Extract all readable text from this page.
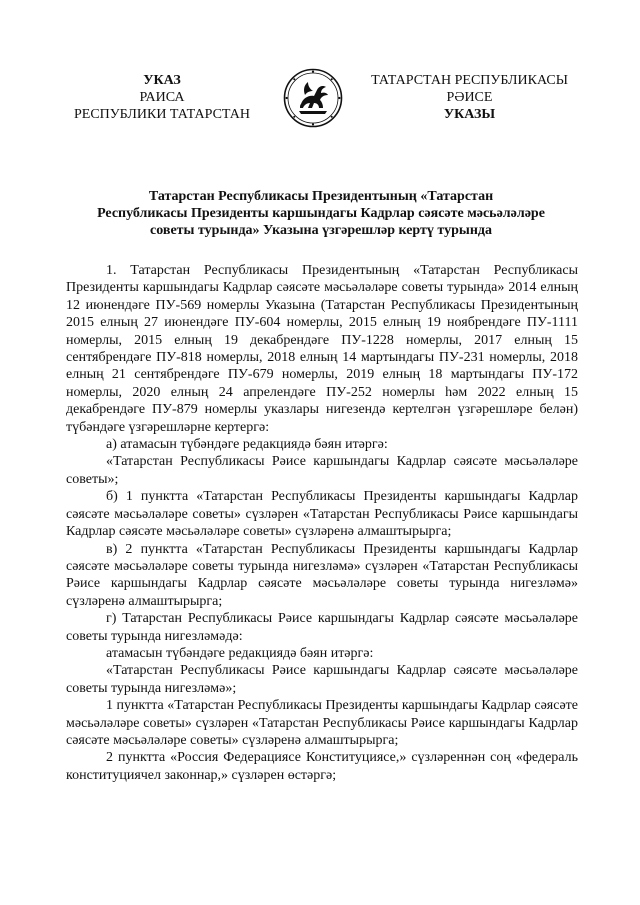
УКАЗ
РАИСА
РЕСПУБЛИКИ ТАТАРСТАН
ТАТАРСТАН РЕСПУБЛИКАСЫ
РӘИСЕ
УКАЗЫ
Татарстан Республикасы Президентының «Татарстан
Республикасы Президенты каршындагы Кадрлар сәясәте мәсьәләләре
советы турында» Указына үзгәрешләр кертү турында

1. Татарстан Республикасы Президентының «Татарстан Республикасы Президенты каршындагы Кадрлар сәясәте мәсьәләләре советы турында» 2014 елның 12 июнендәге ПУ-569 номерлы Указына (Татарстан Республикасы Президентының 2015 елның 27 июнендәге ПУ-604 номерлы, 2015 елның 19 ноябрендәге ПУ-1111 номерлы, 2015 елның 19 декабрендәге ПУ-1228 номерлы, 2017 елның 15 сентябрендәге ПУ-818 номерлы, 2018 елның 14 мартындагы ПУ-231 номерлы, 2018 елның 21 сентябрендәге ПУ-679 номерлы, 2019 елның 18 мартындагы ПУ-172 номерлы, 2020 елның 24 апрелендәге ПУ-252 номерлы һәм 2022 елның 15 декабрендәге ПУ-879 номерлы указлары нигезендә кертелгән үзгәрешләре белән) түбәндәге үзгәрешләрне кертергә:

а) атамасын түбәндәге редакциядә бәян итәргә:

«Татарстан Республикасы Рәисе каршындагы Кадрлар сәясәте мәсьәләләре советы»;

б) 1 пунктта «Татарстан Республикасы Президенты каршындагы Кадрлар сәясәте мәсьәләләре советы» сүзләрен «Татарстан Республикасы Рәисе каршындагы Кадрлар сәясәте мәсьәләләре советы» сүзләренә алмаштырырга;

в) 2 пунктта «Татарстан Республикасы Президенты каршындагы Кадрлар сәясәте мәсьәләләре советы турында нигезләмә» сүзләрен «Татарстан Республикасы Рәисе каршындагы Кадрлар сәясәте мәсьәләләре советы турында нигезләмә» сүзләренә алмаштырырга;

г) Татарстан Республикасы Рәисе каршындагы Кадрлар сәясәте мәсьәләләре советы турында нигезләмәдә:

атамасын түбәндәге редакциядә бәян итәргә:

«Татарстан Республикасы Рәисе каршындагы Кадрлар сәясәте мәсьәләләре советы турында нигезләмә»;

1 пунктта «Татарстан Республикасы Президенты каршындагы Кадрлар сәясәте мәсьәләләре советы» сүзләрен «Татарстан Республикасы Рәисе каршындагы Кадрлар сәясәте мәсьәләләре советы» сүзләренә алмаштырырга;

2 пунктта «Россия Федерациясе Конституциясе,» сүзләреннән соң «федераль конституциячел законнар,» сүзләрен өстәргә;
